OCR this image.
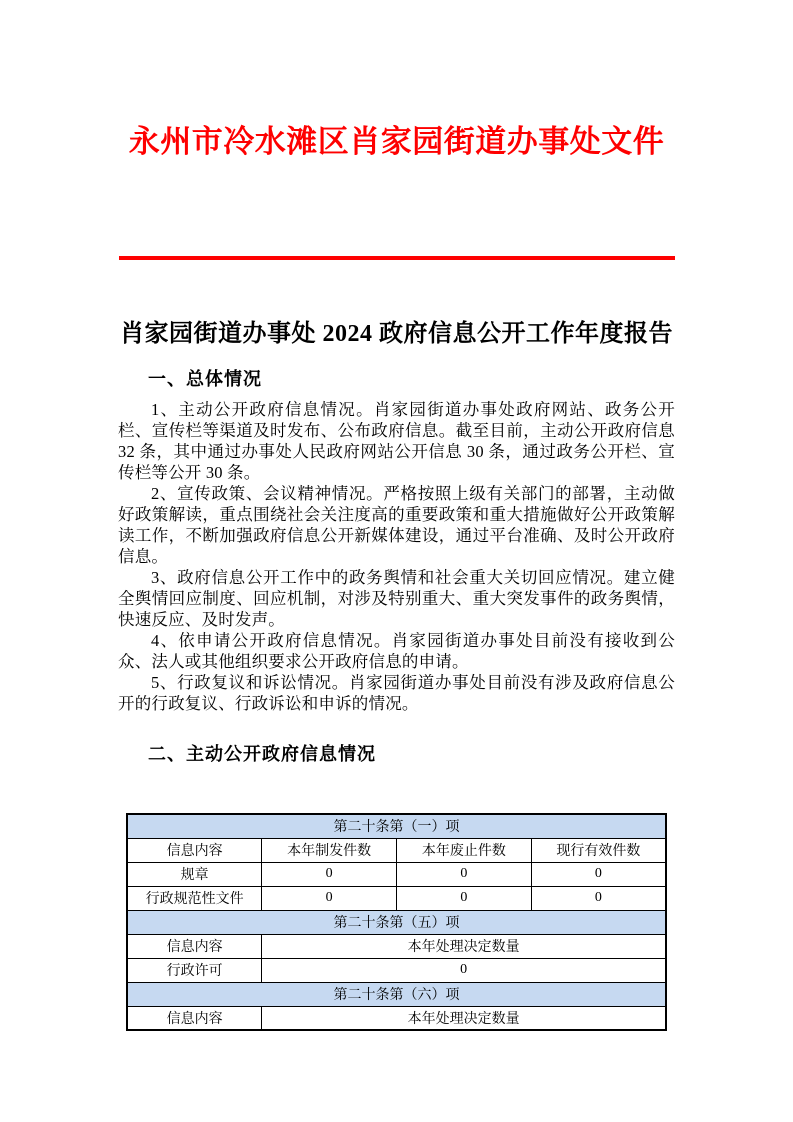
永州市冷水滩区肖家园街道办事处文件
肖家园街道办事处 2024 政府信息公开工作年度报告
一、总体情况

1、主动公开政府信息情况。肖家园街道办事处政府网站、政务公开栏、宣传栏等渠道及时发布、公布政府信息。截至目前，主动公开政府信息 32 条，其中通过办事处人民政府网站公开信息 30 条，通过政务公开栏、宣传栏等公开 30 条。

2、宣传政策、会议精神情况。严格按照上级有关部门的部署，主动做好政策解读，重点围绕社会关注度高的重要政策和重大措施做好公开政策解读工作，不断加强政府信息公开新媒体建设，通过平台准确、及时公开政府信息。

3、政府信息公开工作中的政务舆情和社会重大关切回应情况。建立健全舆情回应制度、回应机制，对涉及特别重大、重大突发事件的政务舆情，快速反应、及时发声。

4、依申请公开政府信息情况。肖家园街道办事处目前没有接收到公众、法人或其他组织要求公开政府信息的申请。

5、行政复议和诉讼情况。肖家园街道办事处目前没有涉及政府信息公开的行政复议、行政诉讼和申诉的情况。

二、主动公开政府信息情况
第二十条第（一）项			
信息内容	本年制发件数	本年废止件数	现行有效件数
规章	0	0	0
行政规范性文件	0	0	0
第二十条第（五）项			
信息内容	本年处理决定数量		
行政许可	0		
第二十条第（六）项			
信息内容	本年处理决定数量		
